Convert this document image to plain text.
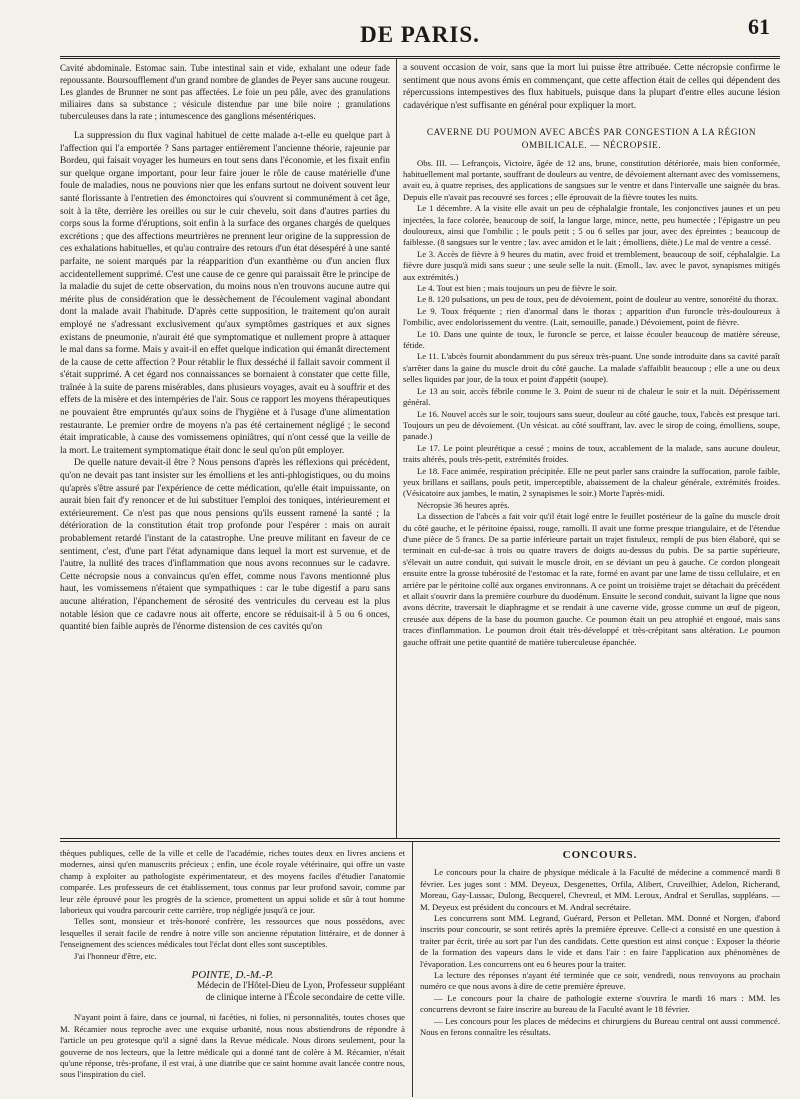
DE PARIS.	61

Cavité abdominale. Estomac sain. Tube intestinal sain et vide, exhalant une odeur fade repoussante. Boursoufflement d'un grand nombre de glandes de Peyer sans aucune rougeur. Les glandes de Brunner ne sont pas affectées. Le foie un peu pâle, avec des granulations miliaires dans sa substance ; vésicule distendue par une bile noire ; granulations tuberculeuses dans la rate ; intumescence des ganglions mésentériques.

La suppression du flux vaginal habituel de cette malade a-t-elle eu quelque part à l'affection qui l'a emportée ? Sans partager entièrement l'ancienne théorie, rajeunie par Bordeu, qui faisait voyager les humeurs en tout sens dans l'économie, et les fixait enfin sur quelque organe important, pour leur faire jouer le rôle de cause matérielle d'une foule de maladies, nous ne pouvions nier que les enfans surtout ne doivent souvent leur santé florissante à l'entretien des émonctoires qui s'ouvrent si communément à cet âge, soit à la tête, derrière les oreilles ou sur le cuir chevelu, soit dans d'autres parties du corps sous la forme d'éruptions, soit enfin à la surface des organes chargés de quelques excrétions ; que des affections meurtrières ne prennent leur origine de la suppression de ces exhalations habituelles, et qu'au contraire des retours d'un état désespéré à une santé parfaite, ne soient marqués par la réapparition d'un exanthème ou d'un ancien flux accidentellement supprimé. C'est une cause de ce genre qui paraissait être le principe de la maladie du sujet de cette observation, du moins nous n'en trouvons aucune autre qui mérite plus de considération que le dessèchement de l'écoulement vaginal abondant dont la malade avait l'habitude. D'après cette supposition, le traitement qu'on aurait employé ne s'adressant exclusivement qu'aux symptômes gastriques et aux signes existans de pneumonie, n'aurait été que symptomatique et nullement propre à attaquer le mal dans sa forme. Mais y avait-il en effet quelque indication qui émanât directement de la cause de cette affection ? Pour rétablir le flux desséché il fallait savoir comment il s'était supprimé. A cet égard nos connaissances se bornaient à constater que cette fille, traînée à la suite de parens misérables, dans plusieurs voyages, avait eu à souffrir et des effets de la misère et des intempéries de l'air. Sous ce rapport les moyens thérapeutiques ne pouvaient être empruntés qu'aux soins de l'hygiène et à l'usage d'une alimentation restaurante. Le premier ordre de moyens n'a pas été certainement négligé ; le second était impraticable, à cause des vomissemens opiniâtres, qui n'ont cessé que la veille de la mort. Le traitement symptomatique était donc le seul qu'on pût employer.

De quelle nature devait-il être ? Nous pensons d'après les réflexions qui précèdent, qu'on ne devait pas tant insister sur les émolliens et les anti-phlogistiques, ou du moins qu'après s'être assuré par l'expérience de cette médication, qu'elle était impuissante, on aurait bien fait d'y renoncer et de lui substituer l'emploi des toniques, intérieurement et extérieurement. Ce n'est pas que nous pensions qu'ils eussent ramené la santé ; la détérioration de la constitution était trop profonde pour l'espérer : mais on aurait probablement retardé l'instant de la catastrophe. Une preuve militant en faveur de ce sentiment, c'est, d'une part l'état adynamique dans lequel la mort est survenue, et de l'autre, la nullité des traces d'inflammation que nous avons reconnues sur le cadavre. Cette nécropsie nous a convaincus qu'en effet, comme nous l'avons mentionné plus haut, les vomissemens n'étaient que sympathiques : car le tube digestif a paru sans aucune altération, l'épanchement de sérosité des ventricules du cerveau est la plus notable lésion que ce cadavre nous ait offerte, encore se réduisait-il à 5 ou 6 onces, quantité bien faible auprès de l'énorme distension de ces cavités qu'on

a souvent occasion de voir, sans que la mort lui puisse être attribuée. Cette nécropsie confirme le sentiment que nous avons émis en commençant, que cette affection était de celles qui dépendent des répercussions intempestives des flux habituels, puisque dans la plupart d'entre elles aucune lésion cadavérique n'est suffisante en général pour expliquer la mort.

CAVERNE DU POUMON AVEC ABCÈS PAR CONGESTION A LA RÉGION
OMBILICALE. — NÉCROPSIE.

Obs. III. — Lefrançois, Victoire, âgée de 12 ans, brune, constitution détériorée, mais bien conformée, habituellement mal portante, souffrant de douleurs au ventre, de dévoiement alternant avec des vomissemens, avait eu, à quatre reprises, des applications de sangsues sur le ventre et dans l'intervalle une saignée du bras. Depuis elle n'avait pas recouvré ses forces ; elle éprouvait de la fièvre toutes les nuits.

Le 1 décembre. A la visite elle avait un peu de céphalalgie frontale, les conjonctives jaunes et un peu injectées, la face colorée, beaucoup de soif, la langue large, mince, nette, peu humectée ; l'épigastre un peu douloureux, ainsi que l'ombilic ; le pouls petit ; 5 ou 6 selles par jour, avec des épreintes ; beaucoup de faiblesse. (8 sangsues sur le ventre ; lav. avec amidon et le lait ; émolliens, diète.) Le mal de ventre a cessé.

Le 3. Accès de fièvre à 9 heures du matin, avec froid et tremblement, beaucoup de soif, céphalalgie. La fièvre dure jusqu'à midi sans sueur ; une seule selle la nuit. (Emoll., lav. avec le pavot, synapismes mitigés aux extrémités.)

Le 4. Tout est bien ; mais toujours un peu de fièvre le soir.

Le 8. 120 pulsations, un peu de toux, peu de dévoiement, point de douleur au ventre, sonoréité du thorax.

Le 9. Toux fréquente ; rien d'anormal dans le thorax ; apparition d'un furoncle très-douloureux à l'ombilic, avec endolorissement du ventre. (Lait, semouille, panade.) Dévoiement, point de fièvre.

Le 10. Dans une quinte de toux, le furoncle se perce, et laisse écouler beaucoup de matière séreuse, fétide.

Le 11. L'abcès fournit abondamment du pus séreux très-puant. Une sonde introduite dans sa cavité paraît s'arrêter dans la gaine du muscle droit du côté gauche. La malade s'affaiblit beaucoup ; elle a une ou deux selles liquides par jour, de la toux et point d'appétit (soupe).

Le 13 au soir, accès fébrile comme le 3. Point de sueur ni de chaleur le soir et la nuit. Dépérissement général.

Le 16. Nouvel accès sur le soir, toujours sans sueur, douleur au côté gauche, toux, l'abcès est presque tari. Toujours un peu de dévoiement. (Un vésicat. au côté souffrant, lav. avec le sirop de coing, émolliens, soupe, panade.)

Le 17. Le point pleurétique a cessé ; moins de toux, accablement de la malade, sans aucune douleur, traits altérés, pouls très-petit, extrémités froides.

Le 18. Face animée, respiration précipitée. Elle ne peut parler sans craindre la suffocation, parole faible, yeux brillans et saillans, pouls petit, imperceptible, abaissement de la chaleur générale, extrémités froides. (Vésicatoire aux jambes, le matin, 2 synapismes le soir.) Morte l'après-midi.

Nécropsie 36 heures après.

La dissection de l'abcès a fait voir qu'il était logé entre le feuillet postérieur de la gaîne du muscle droit du côté gauche, et le péritoine épaissi, rouge, ramolli. Il avait une forme presque triangulaire, et de l'étendue d'une pièce de 5 francs. De sa partie inférieure partait un trajet fistuleux, rempli de pus bien élaboré, qui se terminait en cul-de-sac à trois ou quatre travers de doigts au-dessus du pubis. De sa partie supérieure, s'élevait un autre conduit, qui suivait le muscle droit, en se déviant un peu à gauche. Ce cordon plongeait ensuite entre la grosse tubérosité de l'estomac et la rate, formé en avant par une lame de tissu cellulaire, et en arrière par le péritoine collé aux organes environnans. A ce point un troisième trajet se détachait du précédent et allait s'ouvrir dans la première courbure du duodénum. Ensuite le second conduit, suivant la ligne que nous avons décrite, traversait le diaphragme et se rendait à une caverne vide, grosse comme un œuf de pigeon, creusée aux dépens de la base du poumon gauche. Ce poumon était un peu atrophié et engoué, mais sans traces d'inflammation. Le poumon droit était très-développé et très-crépitant sans altération. Le poumon gauche offrait une petite quantité de matière tuberculeuse épanchée.

thèques publiques, celle de la ville et celle de l'académie, riches toutes deux en livres anciens et modernes, ainsi qu'en manuscrits précieux ; enfin, une école royale vétérinaire, qui offre un vaste champ à exploiter au pathologiste expérimentateur, et des moyens faciles d'étudier l'anatomie comparée. Les professeurs de cet établissement, tous connus par leur profond savoir, comme par leur zèle éprouvé pour les progrès de la science, promettent un appui solide et sûr à tout homme laborieux qui voudra parcourir cette carrière, trop négligée jusqu'à ce jour.

Telles sont, monsieur et très-honoré confrère, les ressources que nous possédons, avec lesquelles il serait facile de rendre à notre ville son ancienne réputation littéraire, et de donner à l'enseignement des sciences médicales tout l'éclat dont elles sont susceptibles.

J'ai l'honneur d'être, etc.

POINTE, D.-M.-P.

Médecin de l'Hôtel-Dieu de Lyon, Professeur suppléant

de clinique interne à l'École secondaire de cette ville.

N'ayant point à faire, dans ce journal, ni facéties, ni folies, ni personnalités, toutes choses que M. Récamier nous reproche avec une exquise urbanité, nous nous abstiendrons de répondre à l'article un peu grotesque qu'il a signé dans la Revue médicale. Nous dirons seulement, pour la gouverne de nos lecteurs, que la lettre médicale qui a donné tant de colère à M. Récamier, n'était qu'une réponse, très-profane, il est vrai, à une diatribe que ce saint homme avait lancée contre nous, sous l'inspiration du ciel.

CONCOURS.

Le concours pour la chaire de physique médicale à la Faculté de médecine a commencé mardi 8 février. Les juges sont : MM. Deyeux, Desgenettes, Orfila, Alibert, Cruveilhier, Adelon, Richerand, Moreau, Gay-Lussac, Dulong, Becquerel, Chevreul, et MM. Leroux, Andral et Serullas, suppléans. — M. Deyeux est président du concours et M. Andral secrétaire.

Les concurrens sont MM. Legrand, Guérard, Person et Pelletan. MM. Donné et Norgen, d'abord inscrits pour concourir, se sont retirés après la première épreuve. Celle-ci a consisté en une question à traiter par écrit, tirée au sort par l'un des candidats. Cette question est ainsi conçue : Exposer la théorie de la formation des vapeurs dans le vide et dans l'air : en faire l'application aux phénomènes de l'évaporation. Les concurrens ont eu 6 heures pour la traiter.

La lecture des réponses n'ayant été terminée que ce soir, vendredi, nous renvoyons au prochain numéro ce que nous avons à dire de cette première épreuve.

— Le concours pour la chaire de pathologie externe s'ouvrira le mardi 16 mars : MM. les concurrens devront se faire inscrire au bureau de la Faculté avant le 18 février.

— Les concours pour les places de médecins et chirurgiens du Bureau central ont aussi commencé. Nous en ferons connaître les résultats.
